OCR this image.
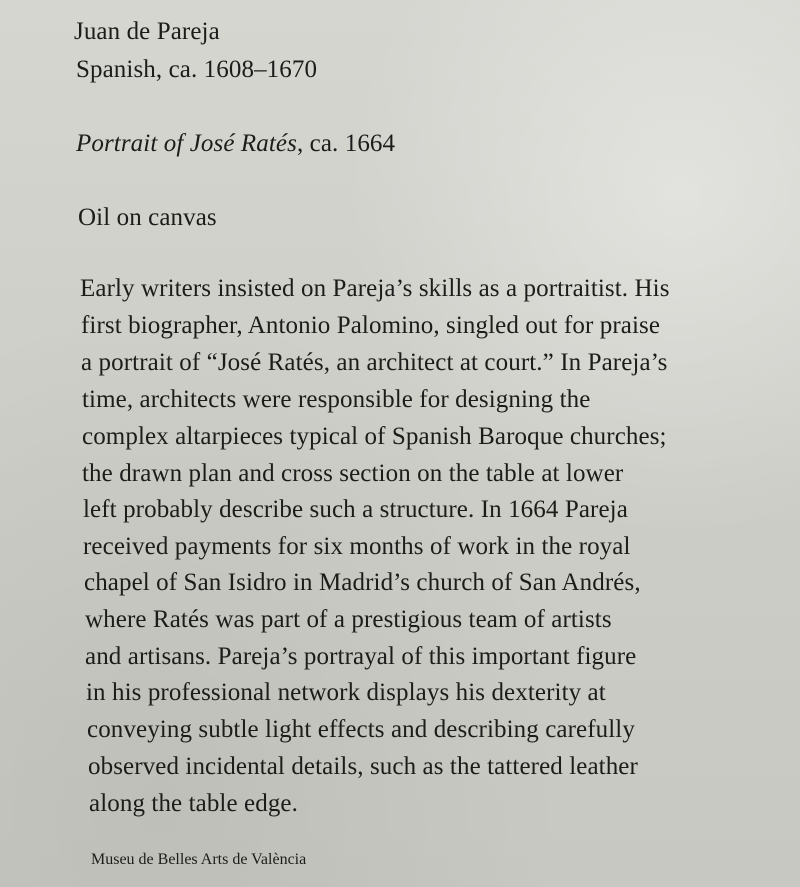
Juan de Pareja

Spanish, ca. 1608–1670

Portrait of José Ratés, ca. 1664

Oil on canvas

Early writers insisted on Pareja’s skills as a portraitist. His

first biographer, Antonio Palomino, singled out for praise

a portrait of “José Ratés, an architect at court.” In Pareja’s

time, architects were responsible for designing the

complex altarpieces typical of Spanish Baroque churches;

the drawn plan and cross section on the table at lower

left probably describe such a structure. In 1664 Pareja

received payments for six months of work in the royal

chapel of San Isidro in Madrid’s church of San Andrés,

where Ratés was part of a prestigious team of artists

and artisans. Pareja’s portrayal of this important figure

in his professional network displays his dexterity at

conveying subtle light effects and describing carefully

observed incidental details, such as the tattered leather

along the table edge.

Museu de Belles Arts de València
